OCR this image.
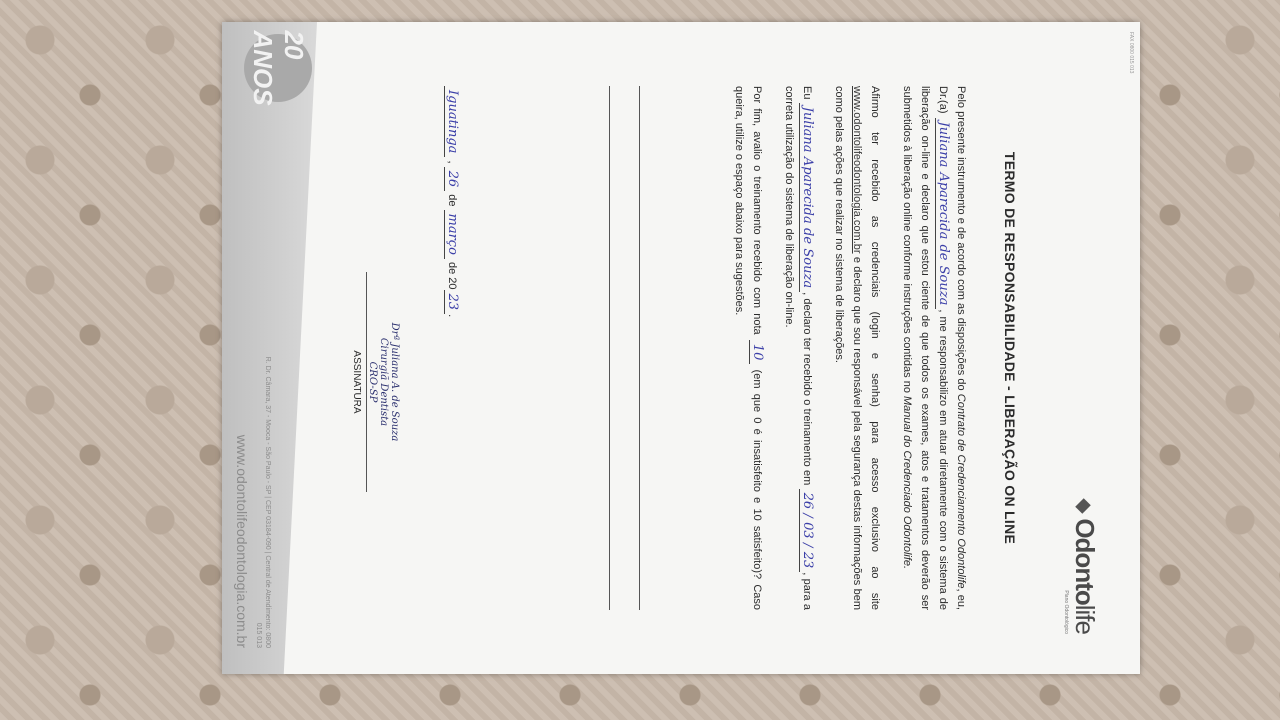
FAX 0800 015 013
Odontolife
Plano Odontológico
TERMO DE RESPONSABILIDADE - LIBERAÇÃO ON LINE

Pelo presente instrumento e de acordo com as disposições do Contrato de Credenciamento Odontolife, eu, Dr.(a) Juliana Aparecida de Souza, me responsabilizo em atuar diretamente com o sistema de liberação on-line e declaro que estou ciente de que todos os exames, atos e tratamentos deverão ser submetidos à liberação online conforme instruções contidas no Manual do Credenciado Odontolife.

Afirmo ter recebido as credenciais (login e senha) para acesso exclusivo ao site www.odontolifeodontologia.com.br e declaro que sou responsável pela segurança destas informações bem como pelas ações que realizar no sistema de liberações.

Eu Juliana Aparecida de Souza, declaro ter recebido o treinamento em 26 / 03 / 23, para a correta utilização do sistema de liberação on-line.

Por fim, avalio o treinamento recebido com nota 10 (em que 0 é insatisfeito e 10 satisfeito)? Caso queira, utilize o espaço abaixo para sugestões.

Iguatinga , 26 de março de 2023.
Drª Juliana A. de Souza
Cirurgiã Dentista
CRO-SP
ASSINATURA
20 ANOS
R. Dr. Câmara, 37 - Mooca - São Paulo - SP | CEP 03184-090 | Central de Atendimento: 0800 015 013
www.odontolifeodontologia.com.br
